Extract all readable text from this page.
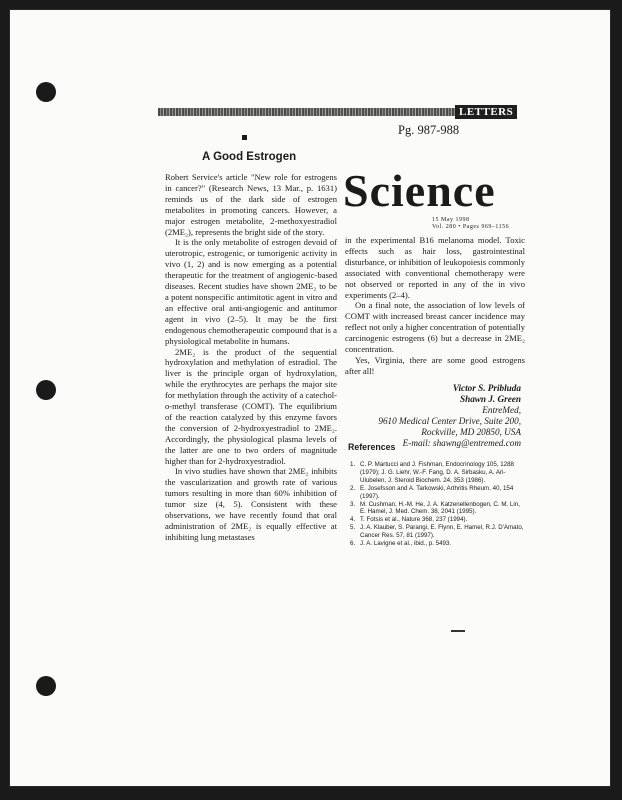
LETTERS
Pg. 987-988
A Good Estrogen

Robert Service's article "New role for estrogens in cancer?" (Research News, 13 Mar., p. 1631) reminds us of the dark side of estrogen metabolites in promoting cancers. However, a major estrogen metabolite, 2-methoxyestradiol (2ME₂), represents the bright side of the story.

It is the only metabolite of estrogen devoid of uterotropic, estrogenic, or tumorigenic activity in vivo (1, 2) and is now emerging as a potential therapeutic for the treatment of angiogenic-based diseases. Recent studies have shown 2ME₂ to be a potent nonspecific antimitotic agent in vitro and an effective oral anti-angiogenic and antitumor agent in vivo (2–5). It may be the first endogenous chemotherapeutic compound that is a physiological metabolite in humans.

2ME₂ is the product of the sequential hydroxylation and methylation of estradiol. The liver is the principle organ of hydroxylation, while the erythrocytes are perhaps the major site for methylation through the activity of a catechol-o-methyl transferase (COMT). The equilibrium of the reaction catalyzed by this enzyme favors the conversion of 2-hydroxyestradiol to 2ME₂. Accordingly, the physiological plasma levels of the latter are one to two orders of magnitude higher than for 2-hydroxyestradiol.

In vivo studies have shown that 2ME₂ inhibits the vascularization and growth rate of various tumors resulting in more than 60% inhibition of tumor size (4, 5). Consistent with these observations, we have recently found that oral administration of 2ME₂ is equally effective at inhibiting lung metastases

Science
15 May 1998
Vol. 280 • Pages 969–1156

in the experimental B16 melanoma model. Toxic effects such as hair loss, gastrointestinal disturbance, or inhibition of leukopoiesis commonly associated with conventional chemotherapy were not observed or reported in any of the in vivo experiments (2–4).

On a final note, the association of low levels of COMT with increased breast cancer incidence may reflect not only a higher concentration of potentially carcinogenic estrogens (6) but a decrease in 2ME₂ concentration.

Yes, Virginia, there are some good estrogens after all!

Victor S. Pribluda
Shawn J. Green
EntreMed,
9610 Medical Center Drive, Suite 200,
Rockville, MD 20850, USA
E-mail: shawng@entremed.com
References
1. C. P. Martucci and J. Fishman, Endocrinology 105, 1288 (1979); J. G. Liehr, W.-F. Fang, D. A. Sirbasku, A. Ari-Ulubelen, J. Steroid Biochem. 24, 353 (1986).
2. E. Josefsson and A. Tarkowski, Arthritis Rheum. 40, 154 (1997).
3. M. Cushman, H.-M. He, J. A. Katzenellenbogen, C. M. Lin, E. Hamel, J. Med. Chem. 38, 2041 (1995).
4. T. Fotsis et al., Nature 368, 237 (1994).
5. J. A. Klauber, S. Parangi, E. Flynn, E. Hamel, R.J. D'Amato, Cancer Res. 57, 81 (1997).
6. J. A. Lavigne et al., ibid., p. 5493.
